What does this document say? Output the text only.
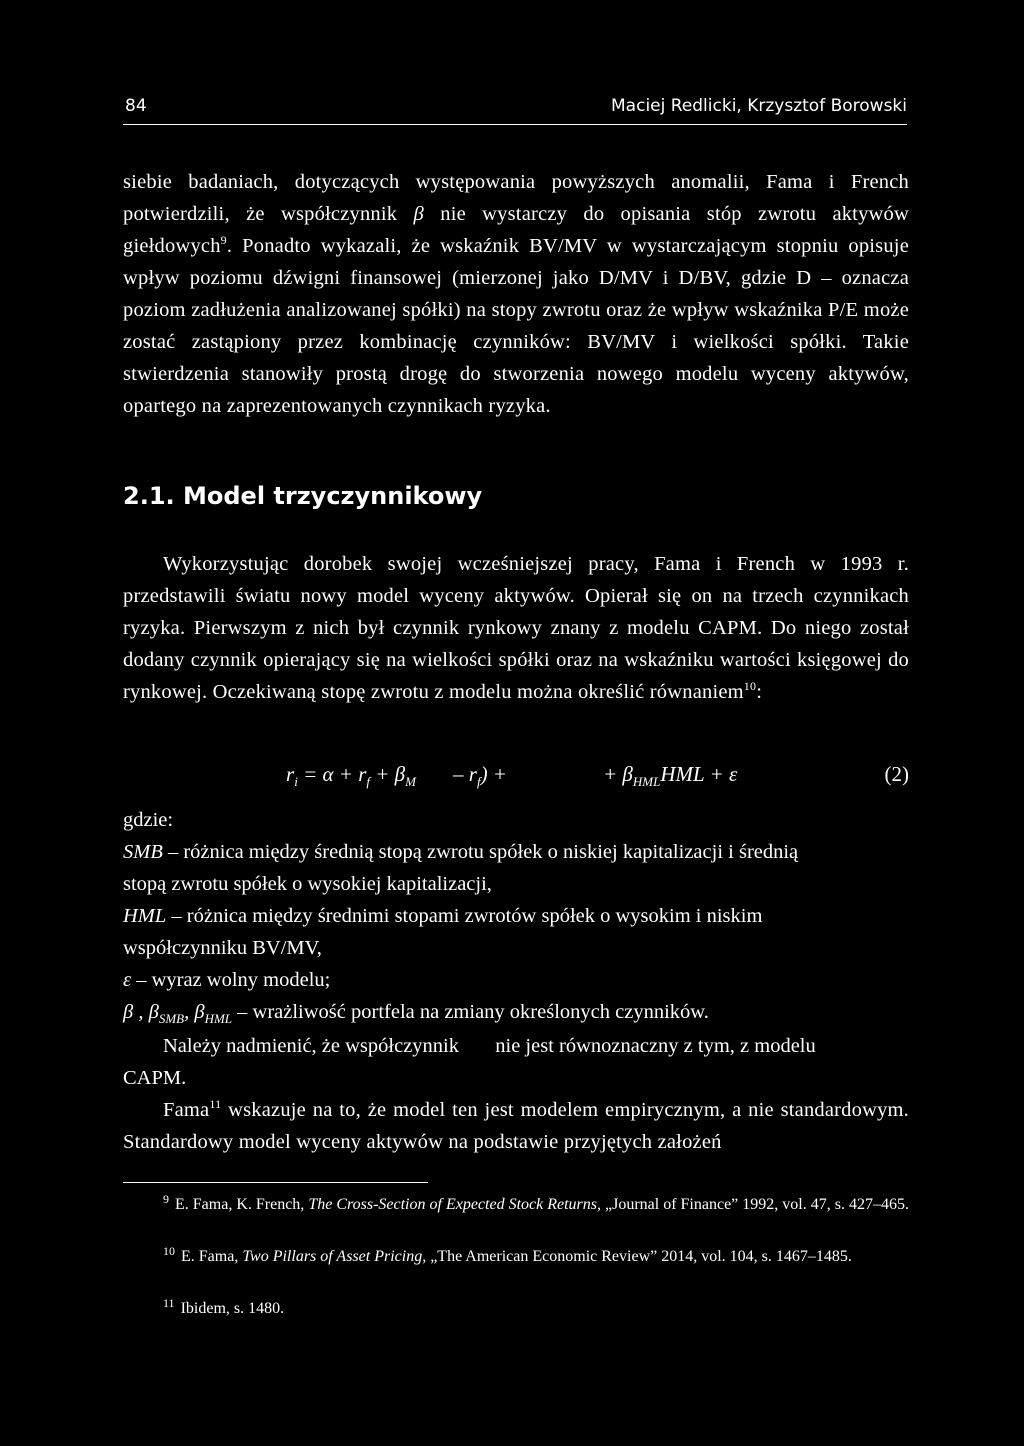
84	Maciej Redlicki, Krzysztof Borowski

siebie badaniach, dotyczących występowania powyższych anomalii, Fama i French potwierdzili, że współczynnik β nie wystarczy do opisania stóp zwrotu aktywów giełdowych$^9$. Ponadto wykazali, że wskaźnik BV/MV w wystarczającym stopniu opisuje wpływ poziomu dźwigni finansowej (mierzonej jako D/MV i D/BV, gdzie D – oznacza poziom zadłużenia analizowanej spółki) na stopy zwrotu oraz że wpływ wskaźnika P/E może zostać zastąpiony przez kombinację czynników: BV/MV i wielkości spółki. Takie stwierdzenia stanowiły prostą drogę do stworzenia nowego modelu wyceny aktywów, opartego na zaprezentowanych czynnikach ryzyka.

2.1. Model trzyczynnikowy

Wykorzystując dorobek swojej wcześniejszej pracy, Fama i French w 1993 r. przedstawili światu nowy model wyceny aktywów. Opierał się on na trzech czynnikach ryzyka. Pierwszym z nich był czynnik rynkowy znany z modelu CAPM. Do niego został dodany czynnik opierający się na wielkości spółki oraz na wskaźniku wartości księgowej do rynkowej. Oczekiwaną stopę zwrotu z modelu można określić równaniem$^{10}$:

$r_i = \alpha + r_f + \beta_M - r_f$) +	+ $\beta_{HML}HML + \varepsilon$	(2)

gdzie:

SMB – różnica między średnią stopą zwrotu spółek o niskiej kapitalizacji i średnią

stopą zwrotu spółek o wysokiej kapitalizacji,

HML – różnica między średnimi stopami zwrotów spółek o wysokim i niskim

współczynniku BV/MV,

ε – wyraz wolny modelu;

β , $\beta_{SMB}$, $\beta_{HML}$ – wrażliwość portfela na zmiany określonych czynników.

Należy nadmienić, że współczynnik  nie jest równoznaczny z tym, z modelu

CAPM.

Fama$^{11}$ wskazuje na to, że model ten jest modelem empirycznym, a nie standardowym. Standardowy model wyceny aktywów na podstawie przyjętych założeń

$^9$ E. Fama, K. French, The Cross-Section of Expected Stock Returns, „Journal of Finance” 1992, vol. 47, s. 427–465.

$^{10}$ E. Fama, Two Pillars of Asset Pricing, „The American Economic Review” 2014, vol. 104, s. 1467–1485.

$^{11}$ Ibidem, s. 1480.
